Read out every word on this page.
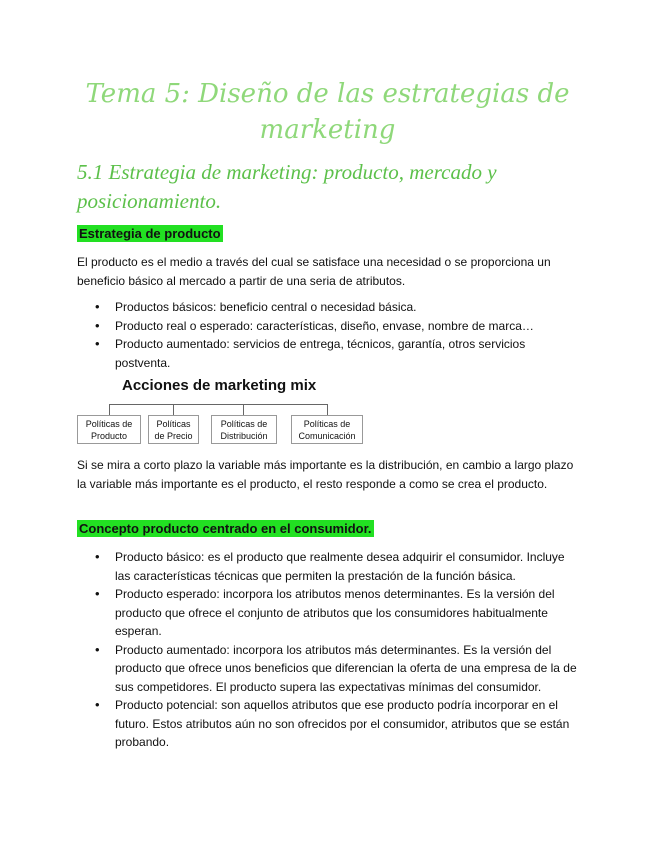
Tema 5: Diseño de las estrategias de
marketing
5.1 Estrategia de marketing: producto, mercado y
posicionamiento.
Estrategia de producto

El producto es el medio a través del cual se satisface una necesidad o se proporciona un beneficio básico al mercado a partir de una seria de atributos.

• Productos básicos: beneficio central o necesidad básica.
• Producto real o esperado: características, diseño, envase, nombre de marca…
• Producto aumentado: servicios de entrega, técnicos, garantía, otros servicios postventa.
Acciones de marketing mix
Políticas de Producto
Políticas de Precio
Políticas de Distribución
Políticas de Comunicación

Si se mira a corto plazo la variable más importante es la distribución, en cambio a largo plazo la variable más importante es el producto, el resto responde a como se crea el producto.

Concepto producto centrado en el consumidor.
• Producto básico: es el producto que realmente desea adquirir el consumidor. Incluye las características técnicas que permiten la prestación de la función básica.
• Producto esperado: incorpora los atributos menos determinantes. Es la versión del producto que ofrece el conjunto de atributos que los consumidores habitualmente esperan.
• Producto aumentado: incorpora los atributos más determinantes. Es la versión del producto que ofrece unos beneficios que diferencian la oferta de una empresa de la de sus competidores. El producto supera las expectativas mínimas del consumidor.
• Producto potencial: son aquellos atributos que ese producto podría incorporar en el futuro. Estos atributos aún no son ofrecidos por el consumidor, atributos que se están probando.
